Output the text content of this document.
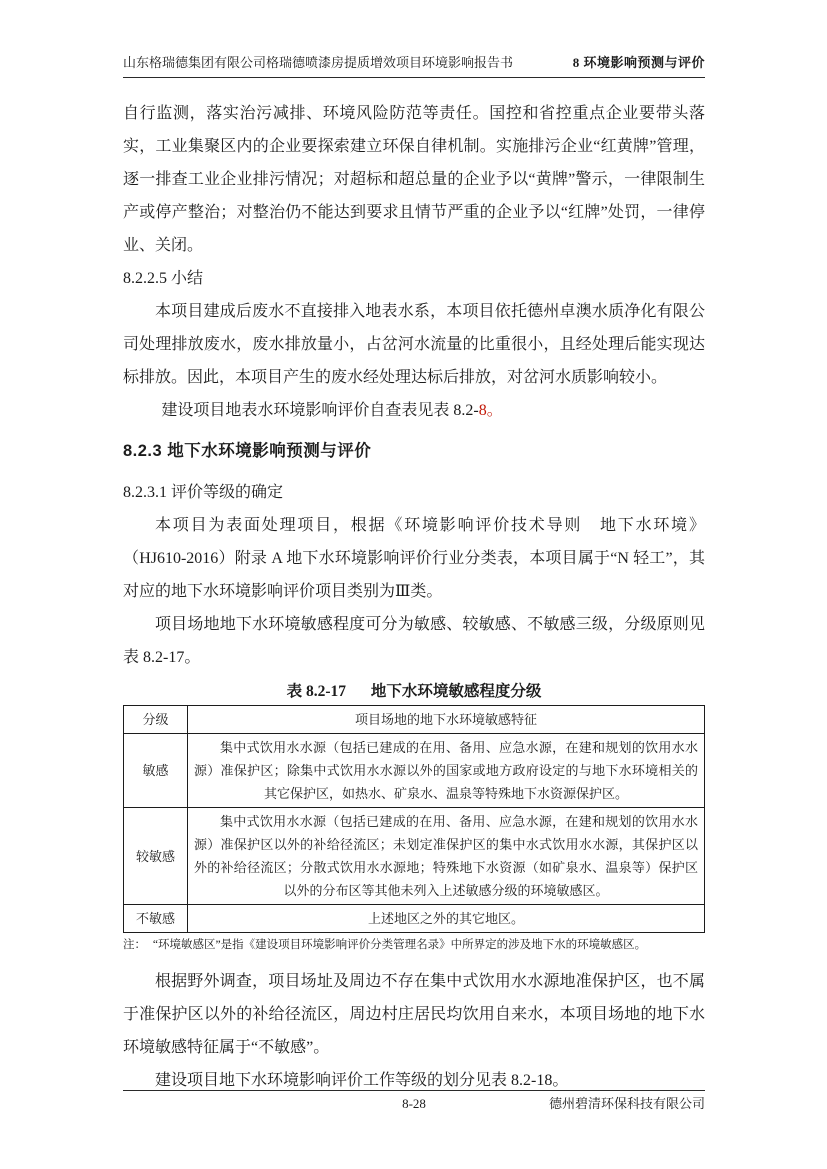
山东格瑞德集团有限公司格瑞德喷漆房提质增效项目环境影响报告书	8 环境影响预测与评价

自行监测，落实治污减排、环境风险防范等责任。国控和省控重点企业要带头落实，工业集聚区内的企业要探索建立环保自律机制。实施排污企业“红黄牌”管理，逐一排查工业企业排污情况；对超标和超总量的企业予以“黄牌”警示，一律限制生产或停产整治；对整治仍不能达到要求且情节严重的企业予以“红牌”处罚，一律停业、关闭。

8.2.2.5 小结

本项目建成后废水不直接排入地表水系，本项目依托德州卓澳水质净化有限公司处理排放废水，废水排放量小，占岔河水流量的比重很小，且经处理后能实现达标排放。因此，本项目产生的废水经处理达标后排放，对岔河水质影响较小。

建设项目地表水环境影响评价自查表见表 8.2-8。

8.2.3 地下水环境影响预测与评价

8.2.3.1 评价等级的确定

本项目为表面处理项目，根据《环境影响评价技术导则　地下水环境》（HJ610-2016）附录 A 地下水环境影响评价行业分类表，本项目属于“N 轻工”，其对应的地下水环境影响评价项目类别为Ⅲ类。

项目场地地下水环境敏感程度可分为敏感、较敏感、不敏感三级，分级原则见表 8.2-17。

表 8.2-17 地下水环境敏感程度分级
分级	项目场地的地下水环境敏感特征
敏感	集中式饮用水水源（包括已建成的在用、备用、应急水源，在建和规划的饮用水水源）准保护区；除集中式饮用水水源以外的国家或地方政府设定的与地下水环境相关的其它保护区，如热水、矿泉水、温泉等特殊地下水资源保护区。
较敏感	集中式饮用水水源（包括已建成的在用、备用、应急水源，在建和规划的饮用水水源）准保护区以外的补给径流区；未划定准保护区的集中水式饮用水水源，其保护区以外的补给径流区；分散式饮用水水源地；特殊地下水资源（如矿泉水、温泉等）保护区以外的分布区等其他未列入上述敏感分级的环境敏感区。
不敏感	上述地区之外的其它地区。
注： “环境敏感区”是指《建设项目环境影响评价分类管理名录》中所界定的涉及地下水的环境敏感区。

根据野外调查，项目场址及周边不存在集中式饮用水水源地准保护区，也不属于准保护区以外的补给径流区，周边村庄居民均饮用自来水，本项目场地的地下水环境敏感特征属于“不敏感”。

建设项目地下水环境影响评价工作等级的划分见表 8.2-18。

8-28	德州碧清环保科技有限公司
